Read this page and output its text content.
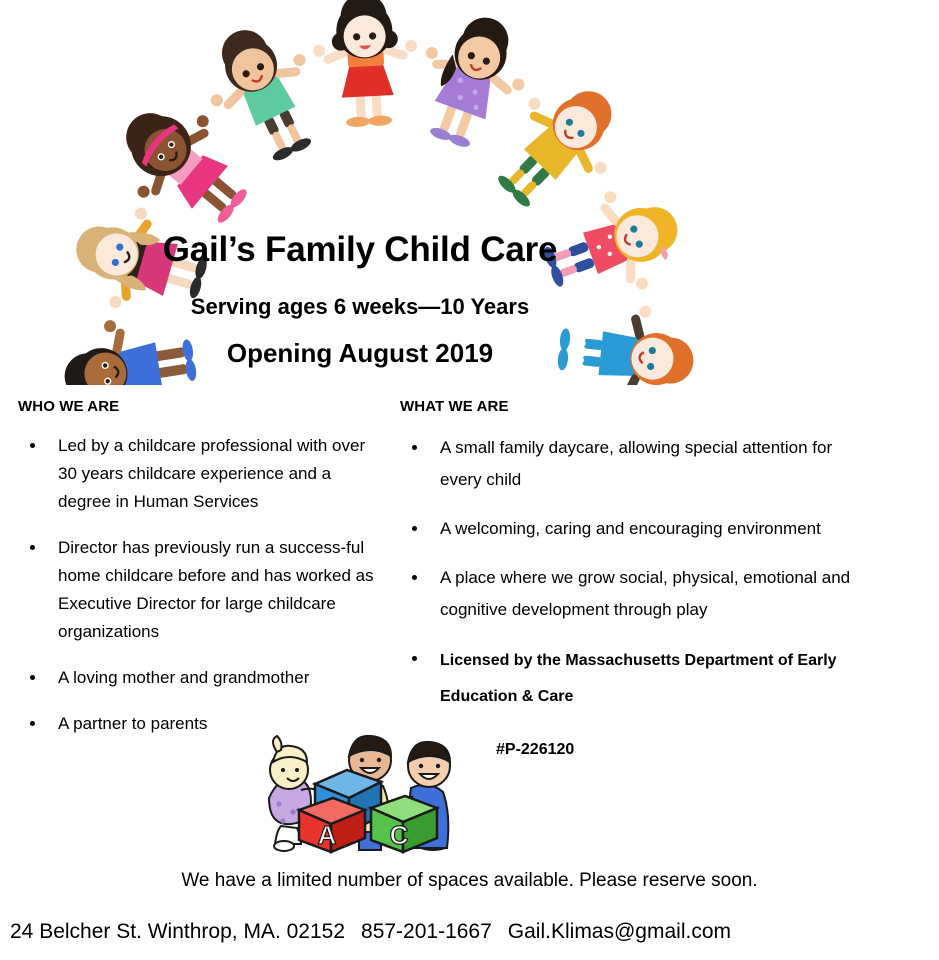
Gail’s Family Child Care
Serving ages 6 weeks—10 Years
Opening August 2019
WHO WE ARE
Led by a childcare professional with over 30 years childcare experience and a degree in Human Services
Director has previously run a success-ful home childcare before and has worked as Executive Director for large childcare organizations
A loving mother and grandmother
A partner to parents
WHAT WE ARE
A small family daycare, allowing special attention for every child
A welcoming, caring and encouraging environment
A place where we grow social, physical, emotional and cognitive development through play
Licensed by the Massachusetts Department of Early Education & Care
#P-226120
A C
We have a limited number of spaces available. Please reserve soon.
24 Belcher St. Winthrop, MA. 02152 857-201-1667 Gail.Klimas@gmail.com
